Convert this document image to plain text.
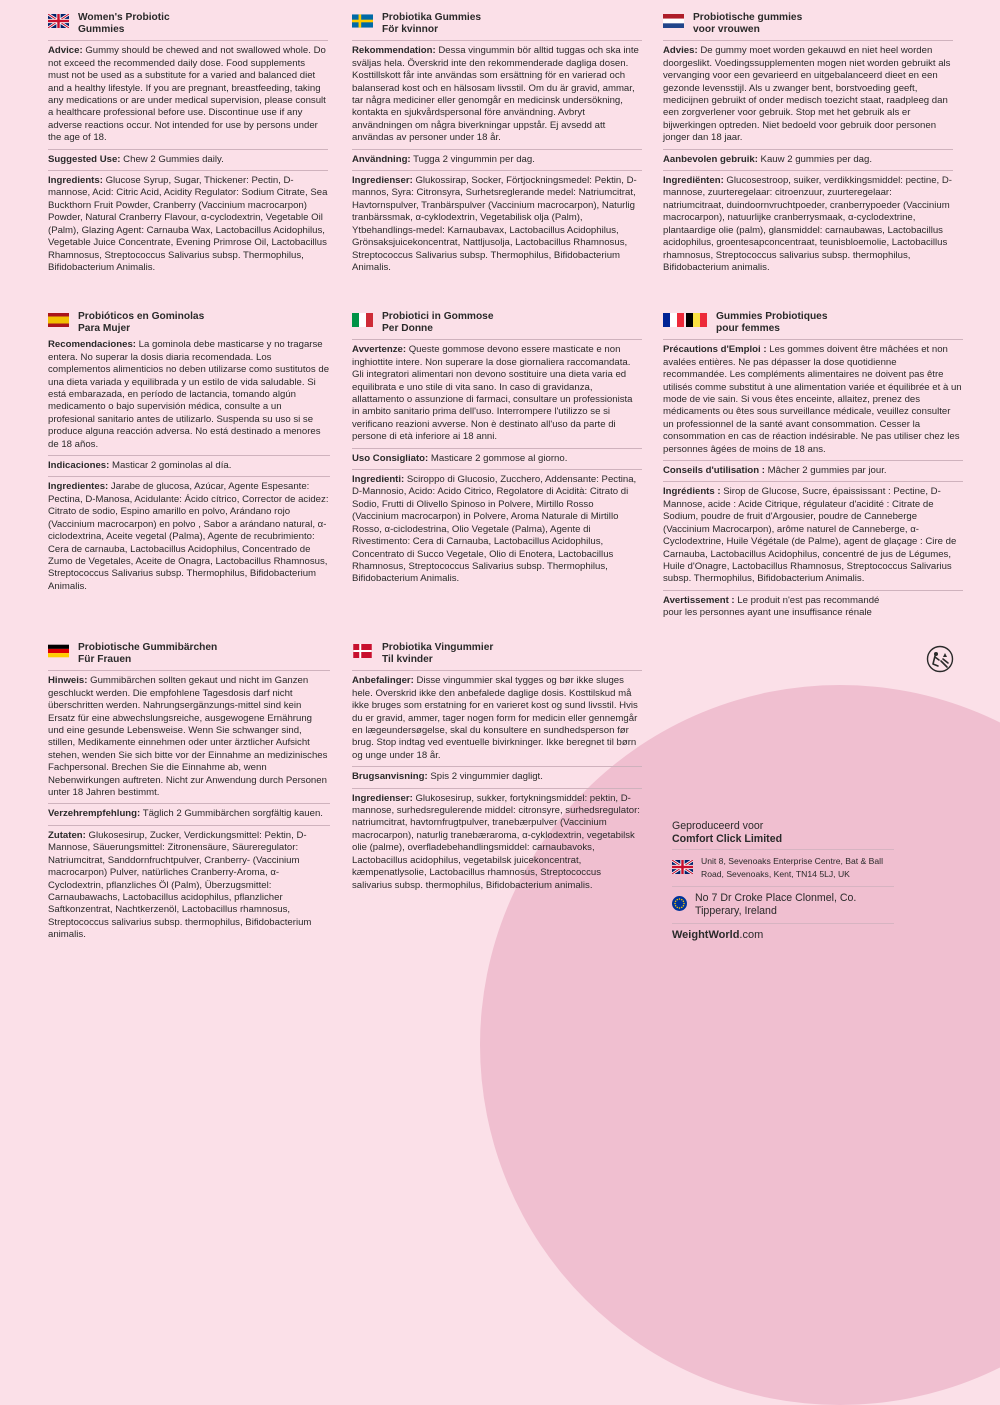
Women's Probiotic
Gummies

Advice: Gummy should be chewed and not swallowed whole. Do not exceed the recommended daily dose. Food supplements must not be used as a substitute for a varied and balanced diet and a healthy lifestyle. If you are pregnant, breastfeeding, taking any medications or are under medical supervision, please consult a healthcare professional before use. Discontinue use if any adverse reactions occur. Not intended for use by persons under the age of 18.

Suggested Use: Chew 2 Gummies daily.

Ingredients: Glucose Syrup, Sugar, Thickener: Pectin, D-mannose, Acid: Citric Acid, Acidity Regulator: Sodium Citrate, Sea Buckthorn Fruit Powder, Cranberry (Vaccinium macrocarpon) Powder, Natural Cranberry Flavour, α-cyclodextrin, Vegetable Oil (Palm), Glazing Agent: Carnauba Wax, Lactobacillus Acidophilus, Vegetable Juice Concentrate, Evening Primrose Oil, Lactobacillus Rhamnosus, Streptococcus Salivarius subsp. Thermophilus, Bifidobacterium Animalis.

Probiotika Gummies
För kvinnor

Rekommendation: Dessa vingummin bör alltid tuggas och ska inte sväljas hela. Överskrid inte den rekommenderade dagliga dosen. Kosttillskott får inte användas som ersättning för en varierad och balanserad kost och en hälsosam livsstil. Om du är gravid, ammar, tar några mediciner eller genomgår en medicinsk undersökning, kontakta en sjukvårdspersonal före användning. Avbryt användningen om några biverkningar uppstår. Ej avsedd att användas av personer under 18 år.

Användning: Tugga 2 vingummin per dag.

Ingredienser: Glukossirap, Socker, Förtjockningsmedel: Pektin, D-mannos, Syra: Citronsyra, Surhetsreglerande medel: Natriumcitrat, Havtornspulver, Tranbärspulver (Vaccinium macrocarpon), Naturlig tranbärssmak, α-cyklodextrin, Vegetabilisk olja (Palm), Ytbehandlings-medel: Karnaubavax, Lactobacillus Acidophilus, Grönsaksjuicekoncentrat, Nattljusolja, Lactobacillus Rhamnosus, Streptococcus Salivarius subsp. Thermophilus, Bifidobacterium Animalis.

Probiotische gummies
voor vrouwen

Advies: De gummy moet worden gekauwd en niet heel worden doorgeslikt. Voedingssupplementen mogen niet worden gebruikt als vervanging voor een gevarieerd en uitgebalanceerd dieet en een gezonde levensstijl. Als u zwanger bent, borstvoeding geeft, medicijnen gebruikt of onder medisch toezicht staat, raadpleeg dan een zorgverlener voor gebruik. Stop met het gebruik als er bijwerkingen optreden. Niet bedoeld voor gebruik door personen jonger dan 18 jaar.

Aanbevolen gebruik: Kauw 2 gummies per dag.

Ingrediënten: Glucosestroop, suiker, verdikkingsmiddel: pectine, D-mannose, zuurteregelaar: citroenzuur, zuurteregelaar: natriumcitraat, duindoornvruchtpoeder, cranberrypoeder (Vaccinium macrocarpon), natuurlijke cranberrysmaak, α-cyclodextrine, plantaardige olie (palm), glansmiddel: carnaubawas, Lactobacillus acidophilus, groentesapconcentraat, teunisbloemolie, Lactobacillus rhamnosus, Streptococcus salivarius subsp. thermophilus, Bifidobacterium animalis.

Probióticos en Gominolas
Para Mujer

Recomendaciones: La gominola debe masticarse y no tragarse entera. No superar la dosis diaria recomendada. Los complementos alimenticios no deben utilizarse como sustitutos de una dieta variada y equilibrada y un estilo de vida saludable. Si está embarazada, en período de lactancia, tomando algún medicamento o bajo supervisión médica, consulte a un profesional sanitario antes de utilizarlo. Suspenda su uso si se produce alguna reacción adversa. No está destinado a menores de 18 años.

Indicaciones: Masticar 2 gominolas al día.

Ingredientes: Jarabe de glucosa, Azúcar, Agente Espesante: Pectina, D-Manosa, Acidulante: Ácido cítrico, Corrector de acidez: Citrato de sodio, Espino amarillo en polvo, Arándano rojo (Vaccinium macrocarpon) en polvo , Sabor a arándano natural, α-ciclodextrina, Aceite vegetal (Palma), Agente de recubrimiento: Cera de carnauba, Lactobacillus Acidophilus, Concentrado de Zumo de Vegetales, Aceite de Onagra, Lactobacillus Rhamnosus, Streptococcus Salivarius subsp. Thermophilus, Bifidobacterium Animalis.

Probiotici in Gommose
Per Donne

Avvertenze: Queste gommose devono essere masticate e non inghiottite intere. Non superare la dose giornaliera raccomandata. Gli integratori alimentari non devono sostituire una dieta varia ed equilibrata e uno stile di vita sano. In caso di gravidanza, allattamento o assunzione di farmaci, consultare un professionista in ambito sanitario prima dell'uso. Interrompere l'utilizzo se si verificano reazioni avverse. Non è destinato all'uso da parte di persone di età inferiore ai 18 anni.

Uso Consigliato: Masticare 2 gommose al giorno.

Ingredienti: Sciroppo di Glucosio, Zucchero, Addensante: Pectina, D-Mannosio, Acido: Acido Citrico, Regolatore di Acidità: Citrato di Sodio, Frutti di Olivello Spinoso in Polvere, Mirtillo Rosso (Vaccinium macrocarpon) in Polvere, Aroma Naturale di Mirtillo Rosso, α-ciclodestrina, Olio Vegetale (Palma), Agente di Rivestimento: Cera di Carnauba, Lactobacillus Acidophilus, Concentrato di Succo Vegetale, Olio di Enotera, Lactobacillus Rhamnosus, Streptococcus Salivarius subsp. Thermophilus, Bifidobacterium Animalis.

Gummies Probiotiques
pour femmes

Précautions d'Emploi : Les gommes doivent être mâchées et non avalées entières. Ne pas dépasser la dose quotidienne recommandée. Les compléments alimentaires ne doivent pas être utilisés comme substitut à une alimentation variée et équilibrée et à un mode de vie sain. Si vous êtes enceinte, allaitez, prenez des médicaments ou êtes sous surveillance médicale, veuillez consulter un professionnel de la santé avant consommation. Cesser la consommation en cas de réaction indésirable. Ne pas utiliser chez les personnes âgées de moins de 18 ans.

Conseils d'utilisation : Mâcher 2 gummies par jour.

Ingrédients : Sirop de Glucose, Sucre, épaississant : Pectine, D-Mannose, acide : Acide Citrique, régulateur d'acidité : Citrate de Sodium, poudre de fruit d'Argousier, poudre de Canneberge (Vaccinium Macrocarpon), arôme naturel de Canneberge, α-Cyclodextrine, Huile Végétale (de Palme), agent de glaçage : Cire de Carnauba, Lactobacillus Acidophilus, concentré de jus de Légumes, Huile d'Onagre, Lactobacillus Rhamnosus, Streptococcus Salivarius subsp. Thermophilus, Bifidobacterium Animalis.

Avertissement : Le produit n'est pas recommandé pour les personnes ayant une insuffisance rénale

Probiotische Gummibärchen
Für Frauen

Hinweis: Gummibärchen sollten gekaut und nicht im Ganzen geschluckt werden. Die empfohlene Tagesdosis darf nicht überschritten werden. Nahrungsergänzungs-mittel sind kein Ersatz für eine abwechslungsreiche, ausgewogene Ernährung und eine gesunde Lebensweise. Wenn Sie schwanger sind, stillen, Medikamente einnehmen oder unter ärztlicher Aufsicht stehen, wenden Sie sich bitte vor der Einnahme an medizinisches Fachpersonal. Brechen Sie die Einnahme ab, wenn Nebenwirkungen auftreten. Nicht zur Anwendung durch Personen unter 18 Jahren bestimmt.

Verzehrempfehlung: Täglich 2 Gummibärchen sorgfältig kauen.

Zutaten: Glukosesirup, Zucker, Verdickungsmittel: Pektin, D-Mannose, Säuerungsmittel: Zitronensäure, Säureregulator: Natriumcitrat, Sanddornfruchtpulver, Cranberry- (Vaccinium macrocarpon) Pulver, natürliches Cranberry-Aroma, α-Cyclodextrin, pflanzliches Öl (Palm), Überzugsmittel: Carnaubawachs, Lactobacillus acidophilus, pflanzlicher Saftkonzentrat, Nachtkerzenöl, Lactobacillus rhamnosus, Streptococcus salivarius subsp. thermophilus, Bifidobacterium animalis.

Probiotika Vingummier
Til kvinder

Anbefalinger: Disse vingummier skal tygges og bør ikke sluges hele. Overskrid ikke den anbefalede daglige dosis. Kosttilskud må ikke bruges som erstatning for en varieret kost og sund livsstil. Hvis du er gravid, ammer, tager nogen form for medicin eller gennemgår en lægeundersøgelse, skal du konsultere en sundhedsperson før brug. Stop indtag ved eventuelle bivirkninger. Ikke beregnet til børn og unge under 18 år.

Brugsanvisning: Spis 2 vingummier dagligt.

Ingredienser: Glukosesirup, sukker, fortykningsmiddel: pektin, D-mannose, surhedsregulerende middel: citronsyre, surhedsregulator: natriumcitrat, havtornfrugtpulver, tranebærpulver (Vaccinium macrocarpon), naturlig tranebæraroma, α-cyklodextrin, vegetabilsk olie (palme), overfladebehandlingsmiddel: carnaubavoks, Lactobacillus acidophilus, vegetabilsk juicekoncentrat, kæmpenatlysolie, Lactobacillus rhamnosus, Streptococcus salivarius subsp. thermophilus, Bifidobacterium animalis.

Geproduceerd voor
Comfort Click Limited
Unit 8, Sevenoaks Enterprise Centre, Bat & Ball Road, Sevenoaks, Kent, TN14 5LJ, UK
No 7 Dr Croke Place Clonmel, Co. Tipperary, Ireland
WeightWorld.com
